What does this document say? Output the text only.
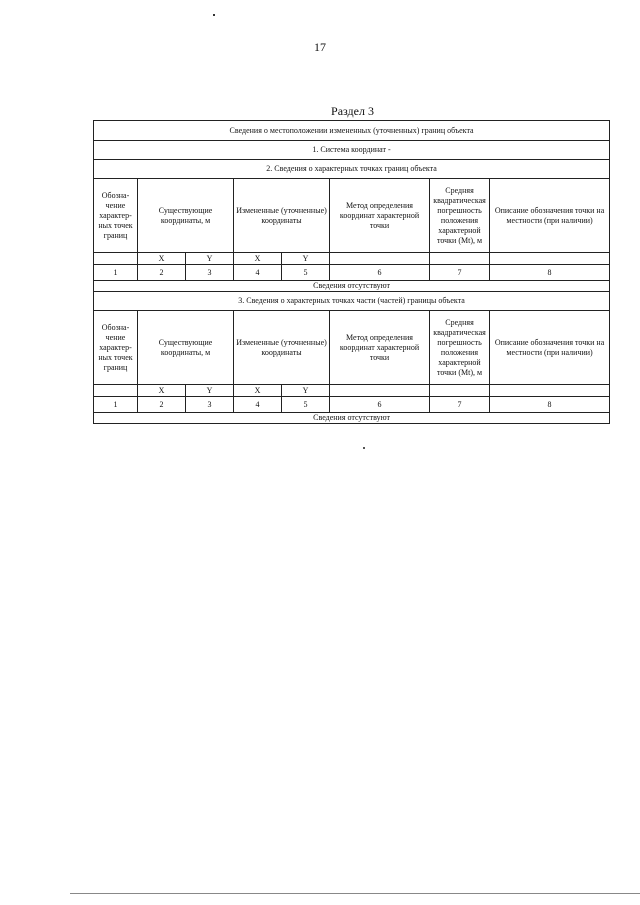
17
Раздел 3
Сведения о местоположении измененных (уточненных) границ объекта							
1. Система координат -							
2. Сведения о характерных точках границ объекта							
Обозна-чение характер-ных точек границ	Существующие координаты, м		Измененные (уточненные) координаты		Метод определения координат характерной точки	Средняя квадратическая погрешность положения характерной точки (Mt), м	Описание обозначения точки на местности (при наличии)
	X	Y	X	Y			
1	2	3	4	5	6	7	8
Сведения отсутствуют							
3. Сведения о характерных точках части (частей) границы объекта							
Обозна-чение характер-ных точек границ	Существующие координаты, м		Измененные (уточненные) координаты		Метод определения координат характерной точки	Средняя квадратическая погрешность положения характерной точки (Mt), м	Описание обозначения точки на местности (при наличии)
	X	Y	X	Y			
1	2	3	4	5	6	7	8
Сведения отсутствуют							
